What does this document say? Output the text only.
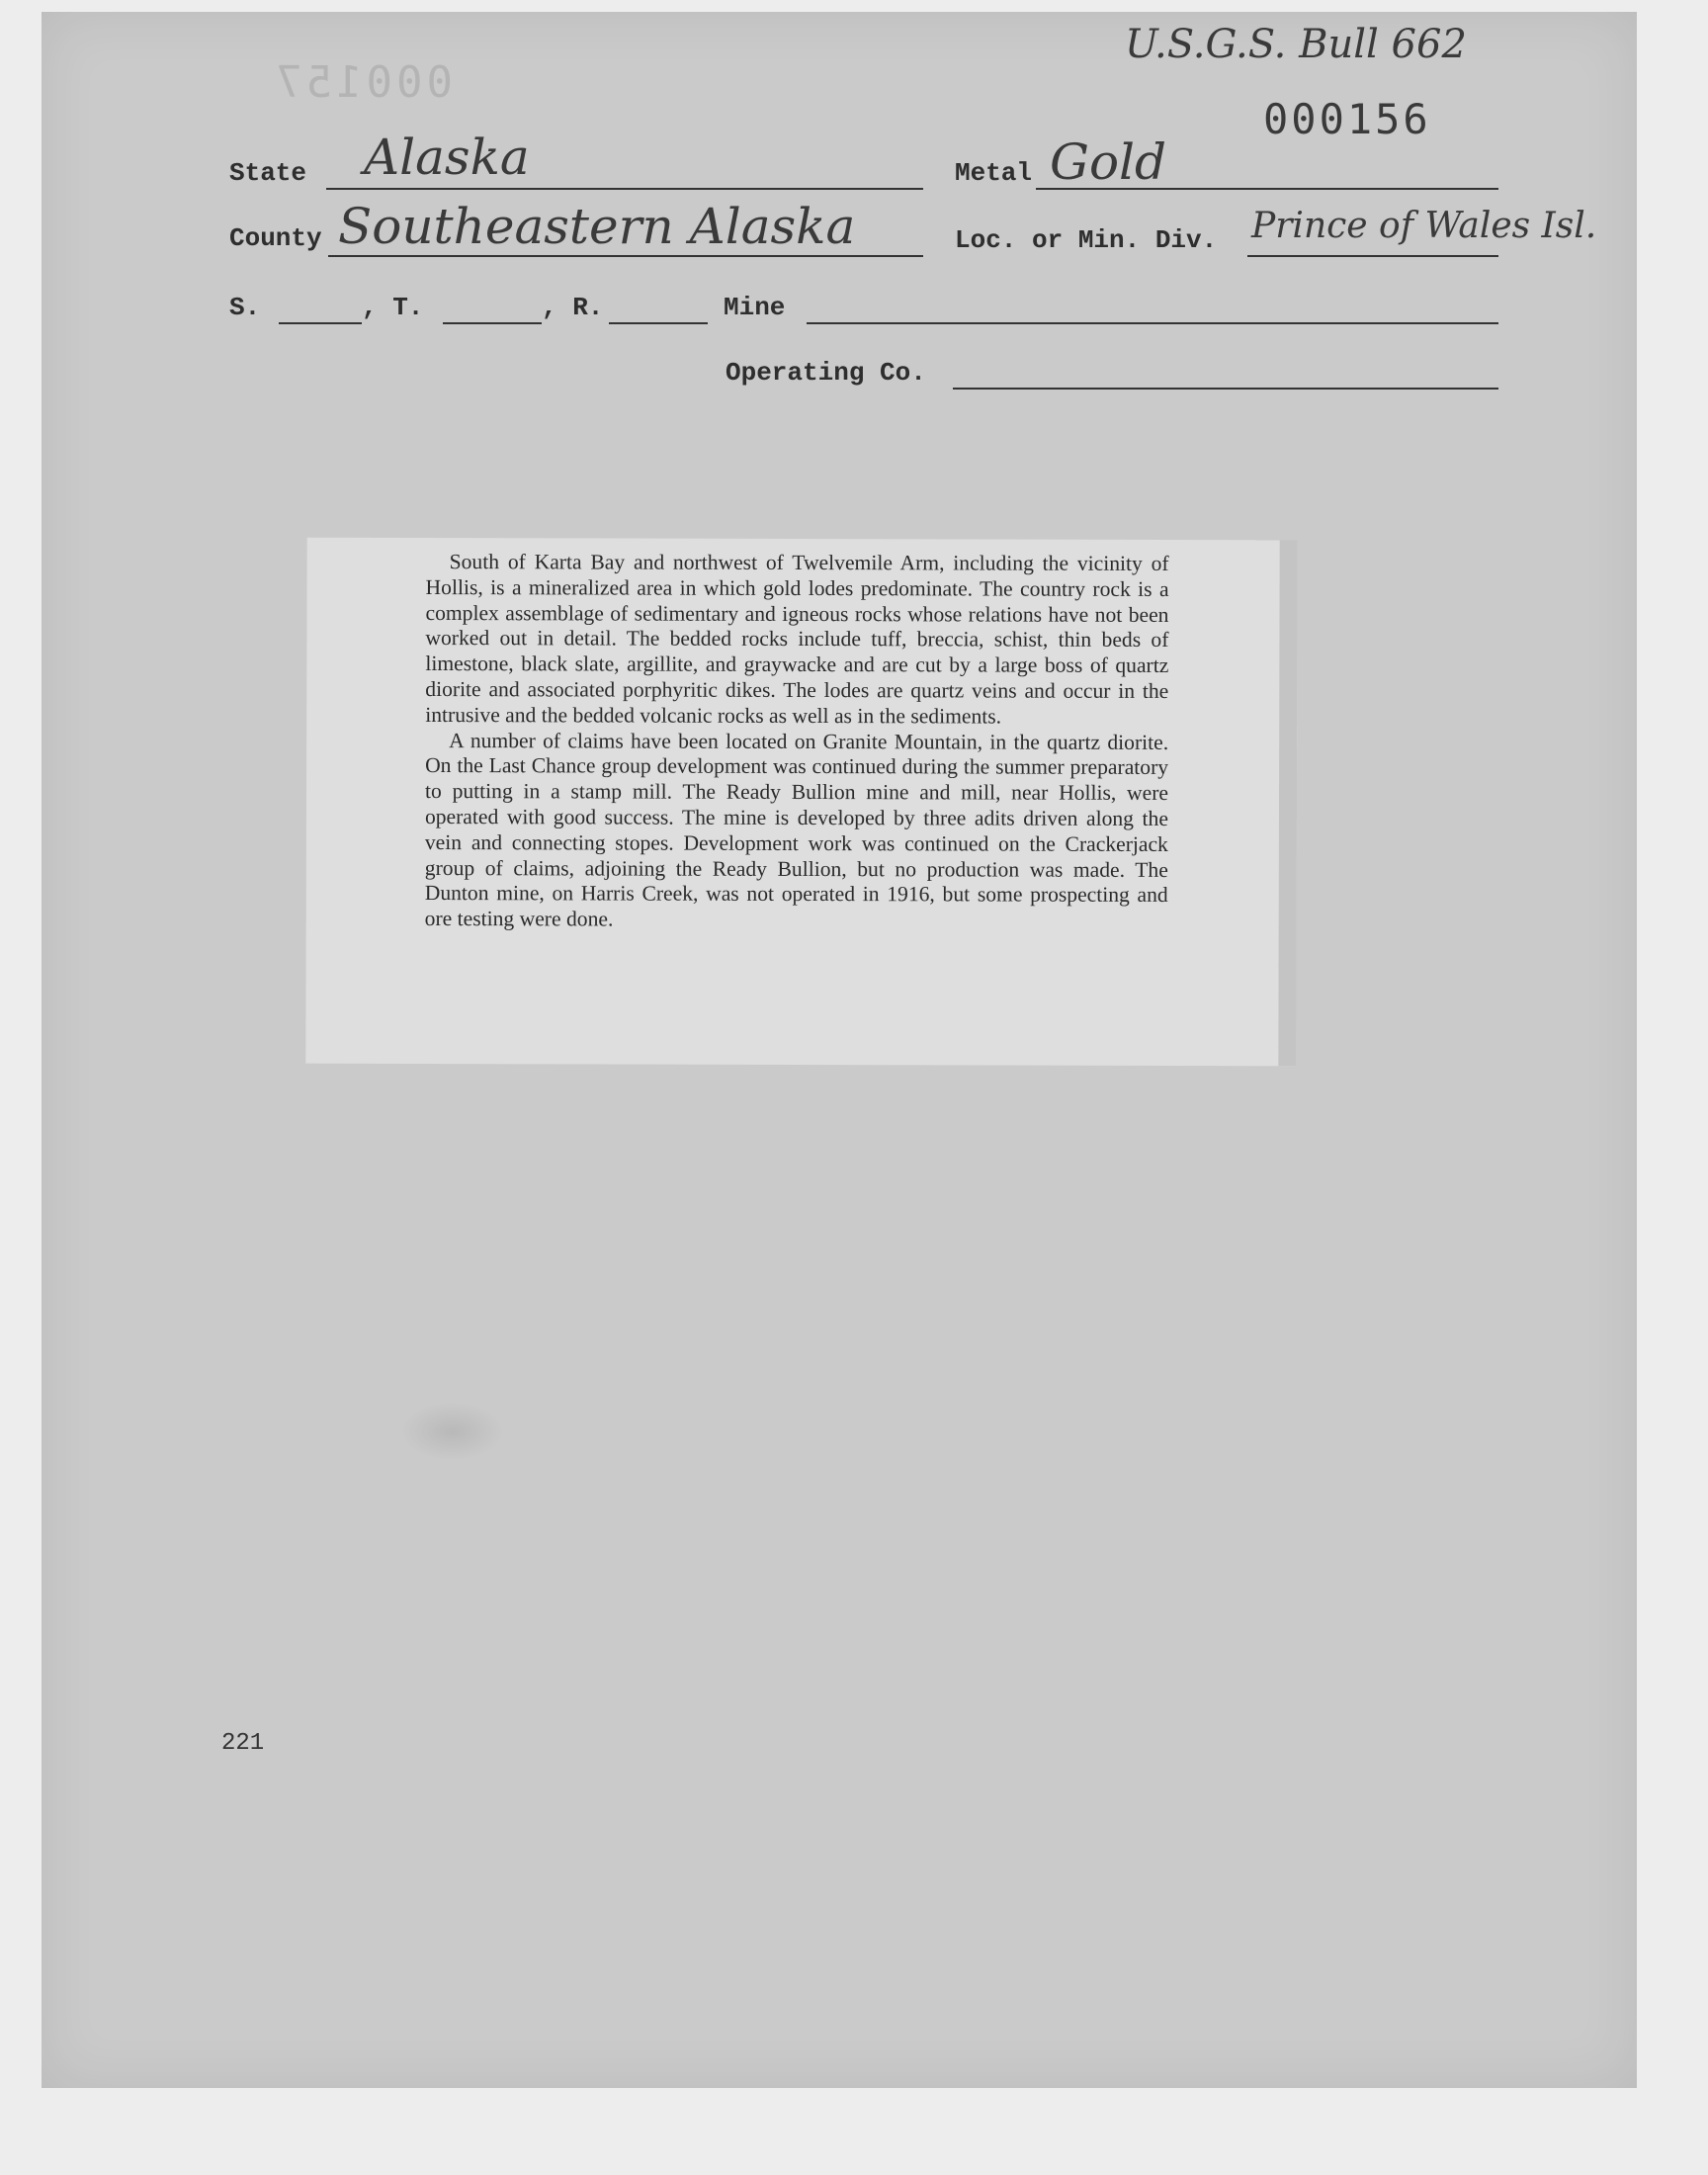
000157
U.S.G.S. Bull 662
000156
State Alaska	Metal Gold
County Southeastern Alaska	Loc. or Min. Div. Prince of Wales Isl.
S.	, T.	, R.	Mine
Operating Co.

South of Karta Bay and northwest of Twelvemile Arm, including the vicinity of Hollis, is a mineralized area in which gold lodes predominate. The country rock is a complex assemblage of sedimentary and igneous rocks whose relations have not been worked out in detail. The bedded rocks include tuff, breccia, schist, thin beds of limestone, black slate, argillite, and graywacke and are cut by a large boss of quartz diorite and associated porphyritic dikes. The lodes are quartz veins and occur in the intrusive and the bedded volcanic rocks as well as in the sediments.

A number of claims have been located on Granite Mountain, in the quartz diorite. On the Last Chance group development was continued during the summer preparatory to putting in a stamp mill. The Ready Bullion mine and mill, near Hollis, were operated with good success. The mine is developed by three adits driven along the vein and connecting stopes. Development work was continued on the Crackerjack group of claims, adjoining the Ready Bullion, but no production was made. The Dunton mine, on Harris Creek, was not operated in 1916, but some prospecting and ore testing were done.

221
